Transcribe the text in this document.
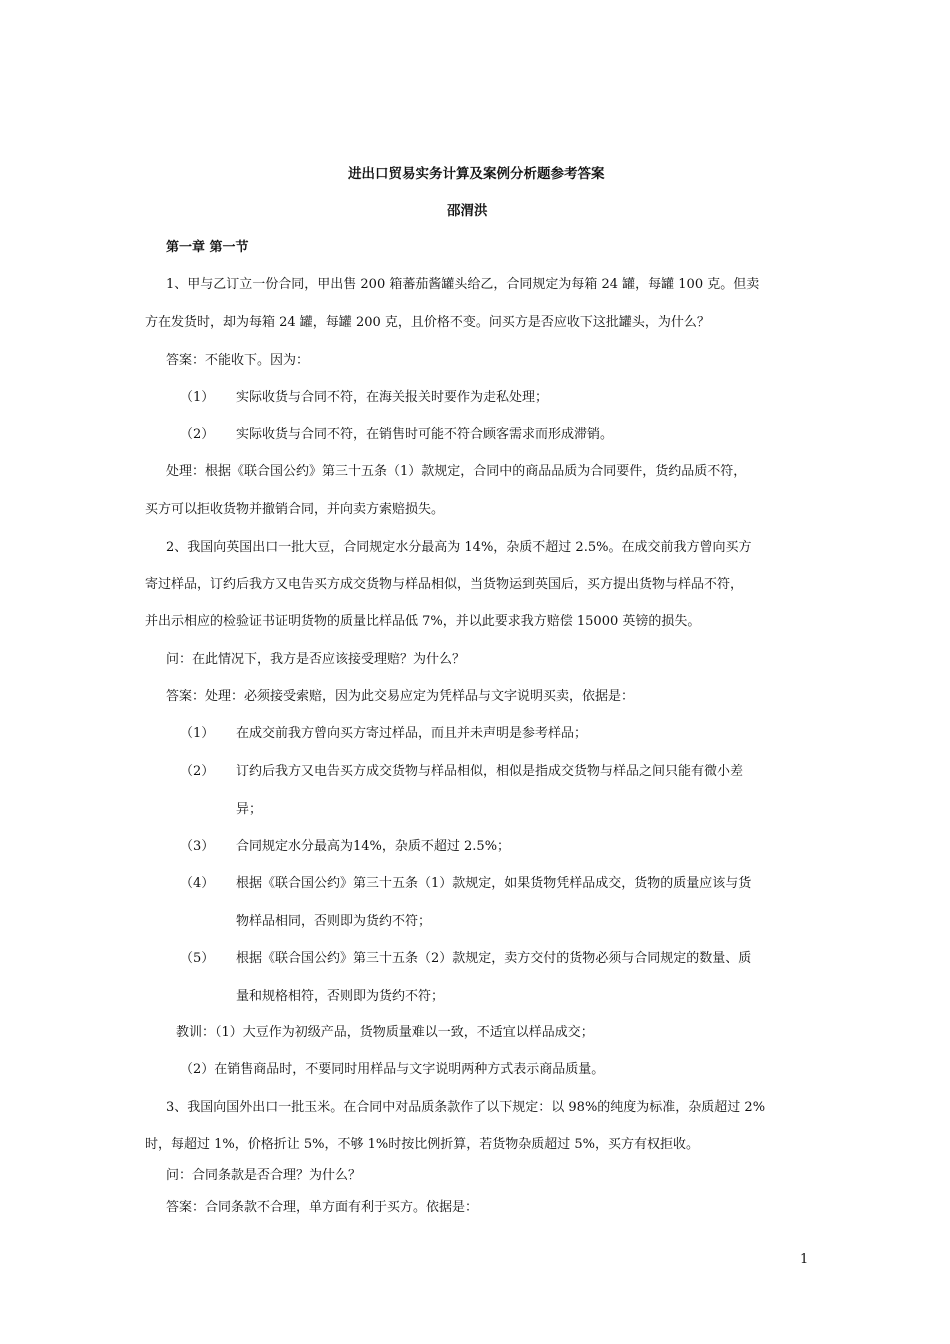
进出口贸易实务计算及案例分析题参考答案
邵渭洪
第一章 第一节
1、甲与乙订立一份合同，甲出售 200 箱蕃茄酱罐头给乙，合同规定为每箱 24 罐，每罐 100 克。但卖
方在发货时，却为每箱 24 罐，每罐 200 克，且价格不变。问买方是否应收下这批罐头，为什么？
答案：不能收下。因为：
（1） 实际收货与合同不符，在海关报关时要作为走私处理；
（2） 实际收货与合同不符，在销售时可能不符合顾客需求而形成滞销。
处理：根据《联合国公约》第三十五条（1）款规定，合同中的商品品质为合同要件，货约品质不符，
买方可以拒收货物并撤销合同，并向卖方索赔损失。
2、我国向英国出口一批大豆，合同规定水分最高为 14%，杂质不超过 2.5%。在成交前我方曾向买方
寄过样品，订约后我方又电告买方成交货物与样品相似，当货物运到英国后，买方提出货物与样品不符，
并出示相应的检验证书证明货物的质量比样品低 7%，并以此要求我方赔偿 15000 英镑的损失。
问：在此情况下，我方是否应该接受理赔？为什么？
答案：处理：必须接受索赔，因为此交易应定为凭样品与文字说明买卖，依据是：
（1） 在成交前我方曾向买方寄过样品，而且并未声明是参考样品；
（2） 订约后我方又电告买方成交货物与样品相似，相似是指成交货物与样品之间只能有微小差
异；
（3） 合同规定水分最高为14%，杂质不超过 2.5%；
（4） 根据《联合国公约》第三十五条（1）款规定，如果货物凭样品成交，货物的质量应该与货
物样品相同，否则即为货约不符；
（5） 根据《联合国公约》第三十五条（2）款规定，卖方交付的货物必须与合同规定的数量、质
量和规格相符，否则即为货约不符；
教训：（1）大豆作为初级产品，货物质量难以一致，不适宜以样品成交；
（2）在销售商品时，不要同时用样品与文字说明两种方式表示商品质量。
3、我国向国外出口一批玉米。在合同中对品质条款作了以下规定：以 98%的纯度为标准，杂质超过 2%
时，每超过 1%，价格折让 5%，不够 1%时按比例折算，若货物杂质超过 5%，买方有权拒收。
问：合同条款是否合理？为什么？
答案：合同条款不合理，单方面有利于买方。依据是：
1
